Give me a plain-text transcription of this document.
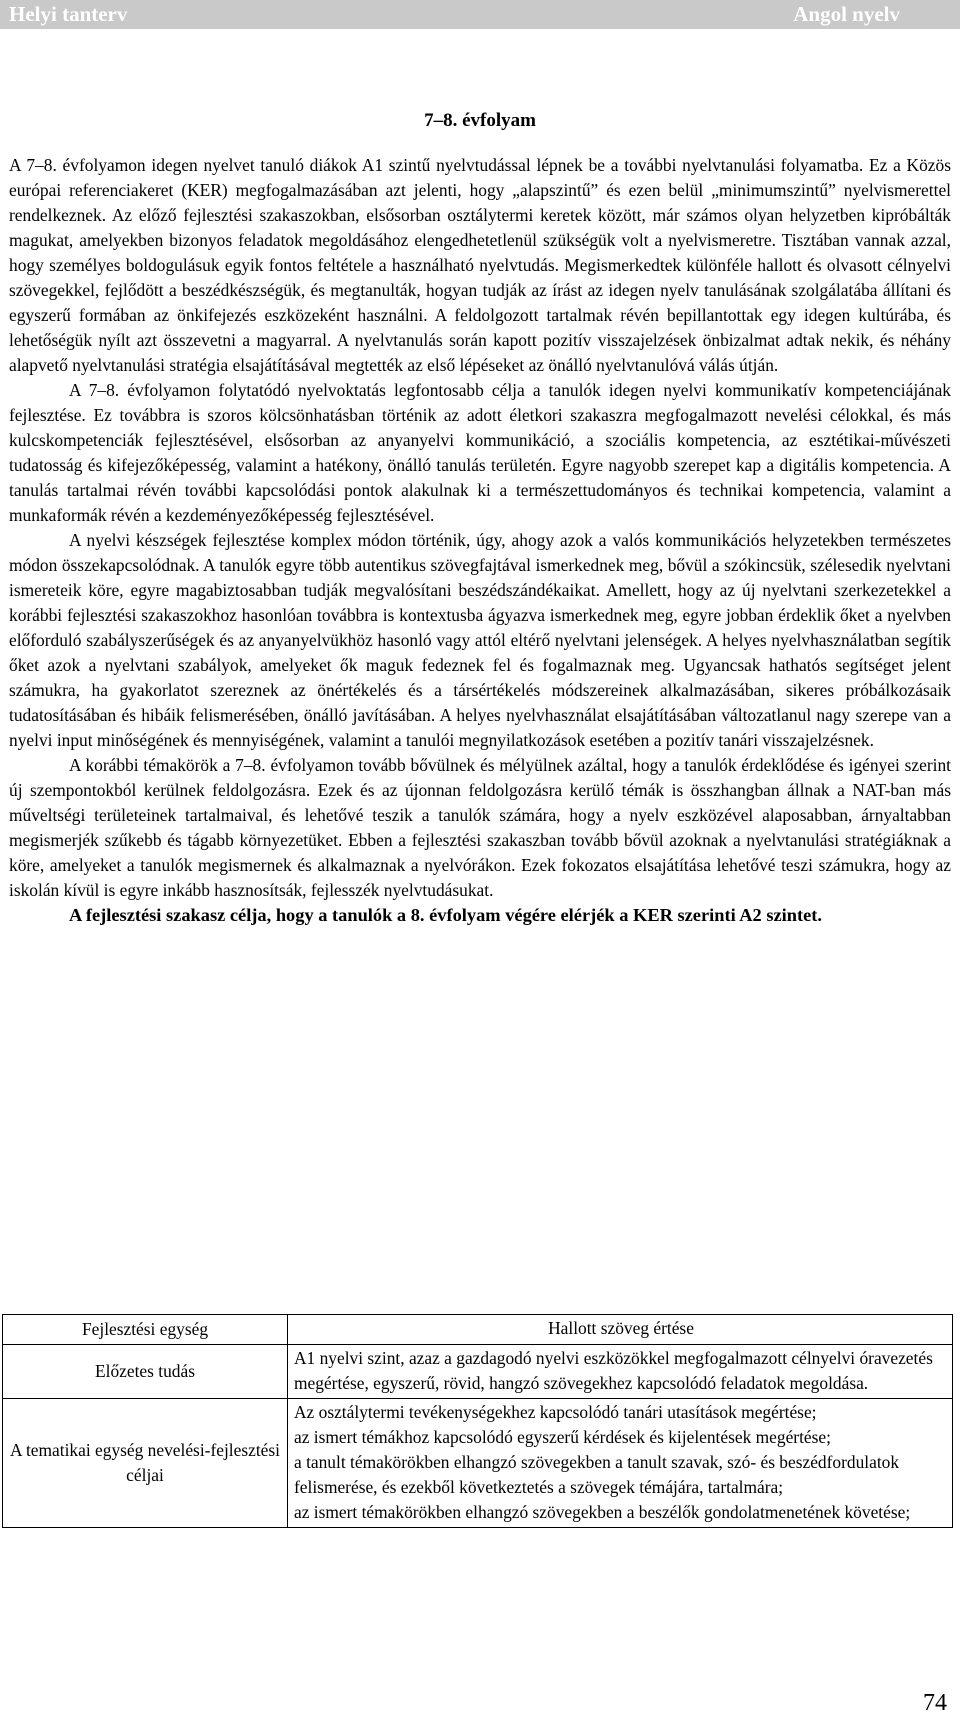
Helyi tanterv	Angol nyelv
7–8. évfolyam

A 7–8. évfolyamon idegen nyelvet tanuló diákok A1 szintű nyelvtudással lépnek be a további nyelvtanulási folyamatba. Ez a Közös európai referenciakeret (KER) megfogalmazásában azt jelenti, hogy „alapszintű” és ezen belül „minimumszintű” nyelvismerettel rendelkeznek. Az előző fejlesztési szakaszokban, elsősorban osztálytermi keretek között, már számos olyan helyzetben kipróbálták magukat, amelyekben bizonyos feladatok megoldásához elengedhetetlenül szükségük volt a nyelvismeretre. Tisztában vannak azzal, hogy személyes boldogulásuk egyik fontos feltétele a használható nyelvtudás. Megismerkedtek különféle hallott és olvasott célnyelvi szövegekkel, fejlődött a beszédkészségük, és megtanulták, hogyan tudják az írást az idegen nyelv tanulásának szolgálatába állítani és egyszerű formában az önkifejezés eszközeként használni. A feldolgozott tartalmak révén bepillantottak egy idegen kultúrába, és lehetőségük nyílt azt összevetni a magyarral. A nyelvtanulás során kapott pozitív visszajelzések önbizalmat adtak nekik, és néhány alapvető nyelvtanulási stratégia elsajátításával megtették az első lépéseket az önálló nyelvtanulóvá válás útján.

A 7–8. évfolyamon folytatódó nyelvoktatás legfontosabb célja a tanulók idegen nyelvi kommunikatív kompetenciájának fejlesztése. Ez továbbra is szoros kölcsönhatásban történik az adott életkori szakaszra megfogalmazott nevelési célokkal, és más kulcskompetenciák fejlesztésével, elsősorban az anyanyelvi kommunikáció, a szociális kompetencia, az esztétikai-művészeti tudatosság és kifejezőképesség, valamint a hatékony, önálló tanulás területén. Egyre nagyobb szerepet kap a digitális kompetencia. A tanulás tartalmai révén további kapcsolódási pontok alakulnak ki a természettudományos és technikai kompetencia, valamint a munkaformák révén a kezdeményezőképesség fejlesztésével.

A nyelvi készségek fejlesztése komplex módon történik, úgy, ahogy azok a valós kommunikációs helyzetekben természetes módon összekapcsolódnak. A tanulók egyre több autentikus szövegfajtával ismerkednek meg, bővül a szókincsük, szélesedik nyelvtani ismereteik köre, egyre magabiztosabban tudják megvalósítani beszédszándékaikat. Amellett, hogy az új nyelvtani szerkezetekkel a korábbi fejlesztési szakaszokhoz hasonlóan továbbra is kontextusba ágyazva ismerkednek meg, egyre jobban érdeklik őket a nyelvben előforduló szabályszerűségek és az anyanyelvükhöz hasonló vagy attól eltérő nyelvtani jelenségek. A helyes nyelvhasználatban segítik őket azok a nyelvtani szabályok, amelyeket ők maguk fedeznek fel és fogalmaznak meg. Ugyancsak hathatós segítséget jelent számukra, ha gyakorlatot szereznek az önértékelés és a társértékelés módszereinek alkalmazásában, sikeres próbálkozásaik tudatosításában és hibáik felismerésében, önálló javításában. A helyes nyelvhasználat elsajátításában változatlanul nagy szerepe van a nyelvi input minőségének és mennyiségének, valamint a tanulói megnyilatkozások esetében a pozitív tanári visszajelzésnek.

A korábbi témakörök a 7–8. évfolyamon tovább bővülnek és mélyülnek azáltal, hogy a tanulók érdeklődése és igényei szerint új szempontokból kerülnek feldolgozásra. Ezek és az újonnan feldolgozásra kerülő témák is összhangban állnak a NAT-ban más műveltségi területeinek tartalmaival, és lehetővé teszik a tanulók számára, hogy a nyelv eszközével alaposabban, árnyaltabban megismerjék szűkebb és tágabb környezetüket. Ebben a fejlesztési szakaszban tovább bővül azoknak a nyelvtanulási stratégiáknak a köre, amelyeket a tanulók megismernek és alkalmaznak a nyelvórákon. Ezek fokozatos elsajátítása lehetővé teszi számukra, hogy az iskolán kívül is egyre inkább hasznosítsák, fejlesszék nyelvtudásukat.

A fejlesztési szakasz célja, hogy a tanulók a 8. évfolyam végére elérjék a KER szerinti A2 szintet.

Fejlesztési egység	Hallott szöveg értése
Előzetes tudás	A1 nyelvi szint, azaz a gazdagodó nyelvi eszközökkel megfogalmazott célnyelvi óravezetés megértése, egyszerű, rövid, hangzó szövegekhez kapcsolódó feladatok megoldása.

A tematikai egység nevelési-fejlesztési céljai	Az osztálytermi tevékenységekhez kapcsolódó tanári utasítások megértése;
az ismert témákhoz kapcsolódó egyszerű kérdések és kijelentések megértése;
a tanult témakörökben elhangzó szövegekben a tanult szavak, szó- és beszédfordulatok felismerése, és ezekből következtetés a szövegek témájára, tartalmára;
az ismert témakörökben elhangzó szövegekben a beszélők gondolatmenetének követése;
74
